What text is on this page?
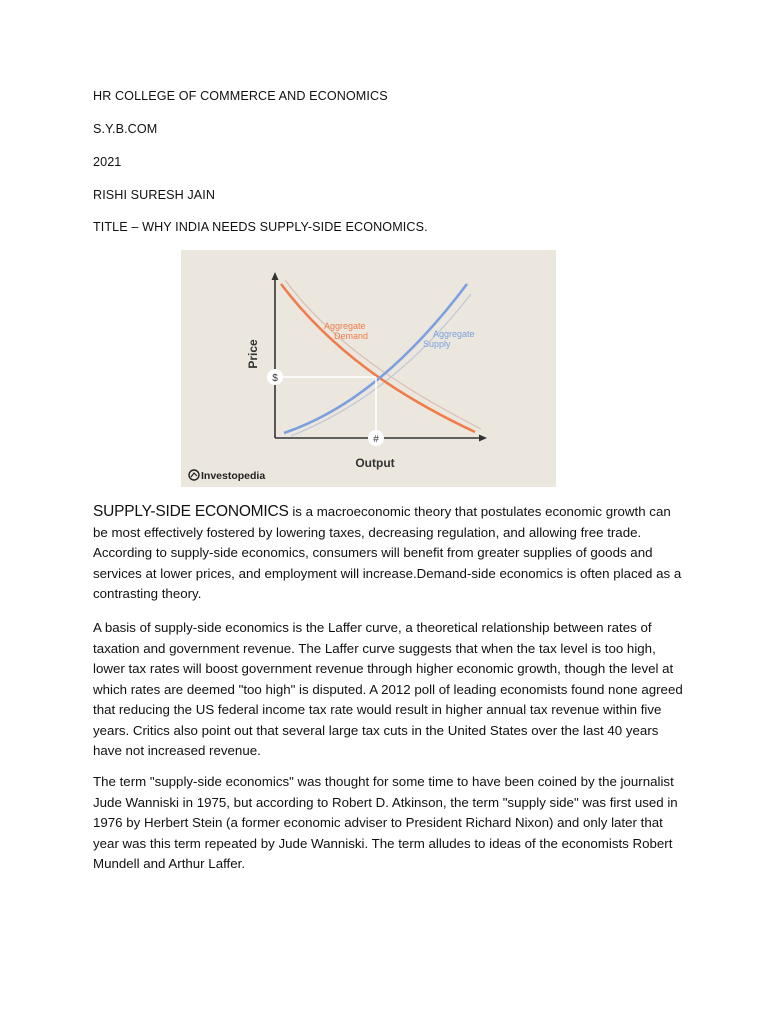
HR COLLEGE OF COMMERCE AND ECONOMICS
S.Y.B.COM
2021
RISHI SURESH JAIN
TITLE – WHY INDIA NEEDS SUPPLY-SIDE ECONOMICS.
$
#
Aggregate
Demand	Aggregate
Supply
Price
Output
Investopedia
SUPPLY-SIDE ECONOMICS is a macroeconomic theory that postulates economic growth can be most effectively fostered by lowering taxes, decreasing regulation, and allowing free trade. According to supply-side economics, consumers will benefit from greater supplies of goods and services at lower prices, and employment will increase.Demand-side economics is often placed as a contrasting theory.
A basis of supply-side economics is the Laffer curve, a theoretical relationship between rates of taxation and government revenue. The Laffer curve suggests that when the tax level is too high, lower tax rates will boost government revenue through higher economic growth, though the level at which rates are deemed "too high" is disputed. A 2012 poll of leading economists found none agreed that reducing the US federal income tax rate would result in higher annual tax revenue within five years. Critics also point out that several large tax cuts in the United States over the last 40 years have not increased revenue.
The term "supply-side economics" was thought for some time to have been coined by the journalist Jude Wanniski in 1975, but according to Robert D. Atkinson, the term "supply side" was first used in 1976 by Herbert Stein (a former economic adviser to President Richard Nixon) and only later that year was this term repeated by Jude Wanniski. The term alludes to ideas of the economists Robert Mundell and Arthur Laffer.
